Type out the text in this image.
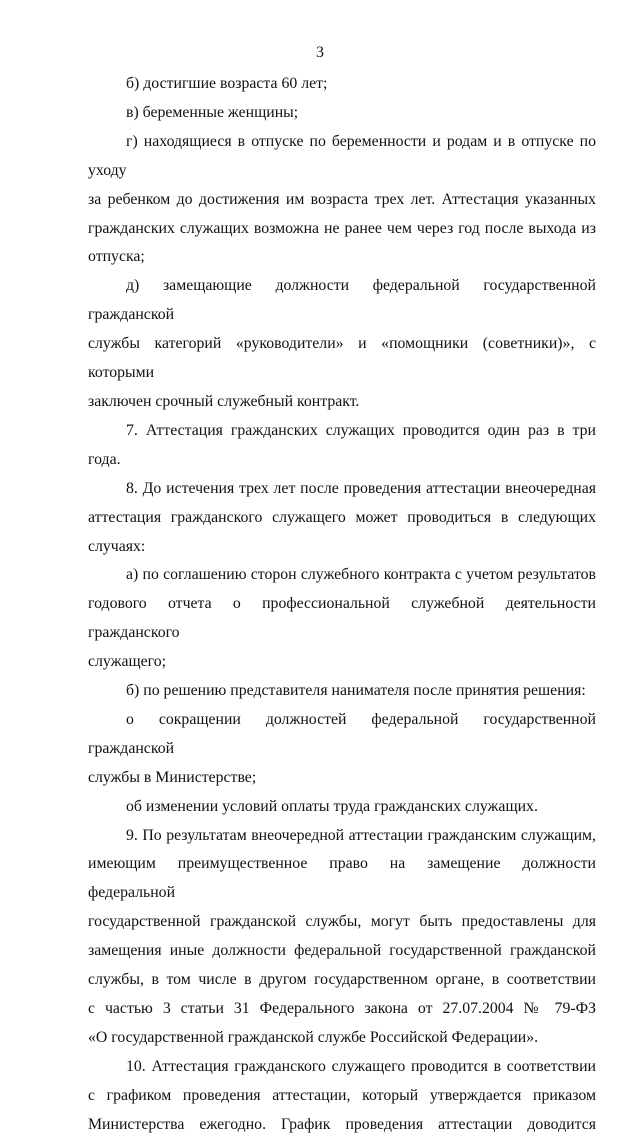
3
б) достигшие возраста 60 лет;
в) беременные женщины;
г) находящиеся в отпуске по беременности и родам и в отпуске по уходу
за ребенком до достижения им возраста трех лет. Аттестация указанных
гражданских служащих возможна не ранее чем через год после выхода из
отпуска;
д) замещающие должности федеральной государственной гражданской
службы категорий «руководители» и «помощники (советники)», с которыми
заключен срочный служебный контракт.
7. Аттестация гражданских служащих проводится один раз в три года.
8. До истечения трех лет после проведения аттестации внеочередная
аттестация гражданского служащего может проводиться в следующих
случаях:
а) по соглашению сторон служебного контракта с учетом результатов
годового отчета о профессиональной служебной деятельности гражданского
служащего;
б) по решению представителя нанимателя после принятия решения:
о сокращении должностей федеральной государственной гражданской
службы в Министерстве;
об изменении условий оплаты труда гражданских служащих.
9. По результатам внеочередной аттестации гражданским служащим,
имеющим преимущественное право на замещение должности федеральной
государственной гражданской службы, могут быть предоставлены для
замещения иные должности федеральной государственной гражданской
службы, в том числе в другом государственном органе, в соответствии
с частью 3 статьи 31 Федерального закона от 27.07.2004 № 79-ФЗ
«О государственной гражданской службе Российской Федерации».
10. Аттестация гражданского служащего проводится в соответствии
с графиком проведения аттестации, который утверждается приказом
Министерства ежегодно. График проведения аттестации доводится
